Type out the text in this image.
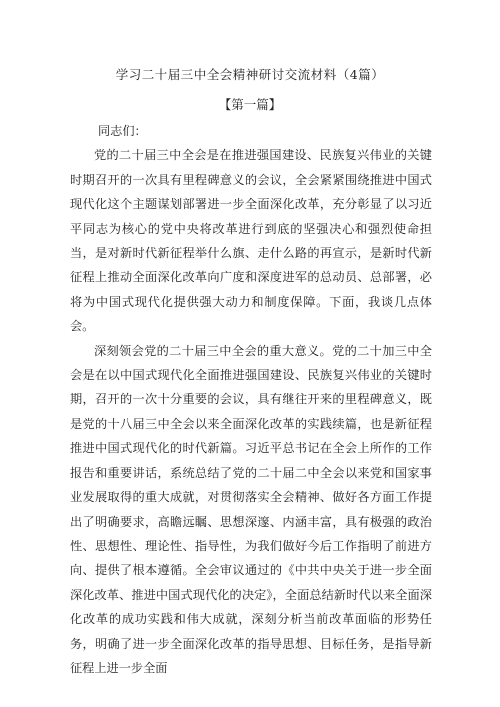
学习二十届三中全会精神研讨交流材料（4篇）
【第一篇】

同志们：

党的二十届三中全会是在推进强国建设、民族复兴伟业的关键时期召开的一次具有里程碑意义的会议，全会紧紧围绕推进中国式现代化这个主题谋划部署进一步全面深化改革，充分彰显了以习近平同志为核心的党中央将改革进行到底的坚强决心和强烈使命担当，是对新时代新征程举什么旗、走什么路的再宣示，是新时代新征程上推动全面深化改革向广度和深度进军的总动员、总部署，必将为中国式现代化提供强大动力和制度保障。下面，我谈几点体会。

深刻领会党的二十届三中全会的重大意义。党的二十加三中全会是在以中国式现代化全面推进强国建设、民族复兴伟业的关键时期，召开的一次十分重要的会议，具有继往开来的里程碑意义，既是党的十八届三中全会以来全面深化改革的实践续篇，也是新征程推进中国式现代化的时代新篇。习近平总书记在全会上所作的工作报告和重要讲话，系统总结了党的二十届二中全会以来党和国家事业发展取得的重大成就，对贯彻落实全会精神、做好各方面工作提出了明确要求，高瞻远瞩、思想深邃、内涵丰富，具有极强的政治性、思想性、理论性、指导性，为我们做好今后工作指明了前进方向、提供了根本遵循。全会审议通过的《中共中央关于进一步全面深化改革、推进中国式现代化的决定》，全面总结新时代以来全面深化改革的成功实践和伟大成就，深刻分析当前改革面临的形势任务，明确了进一步全面深化改革的指导思想、目标任务，是指导新征程上进一步全面
